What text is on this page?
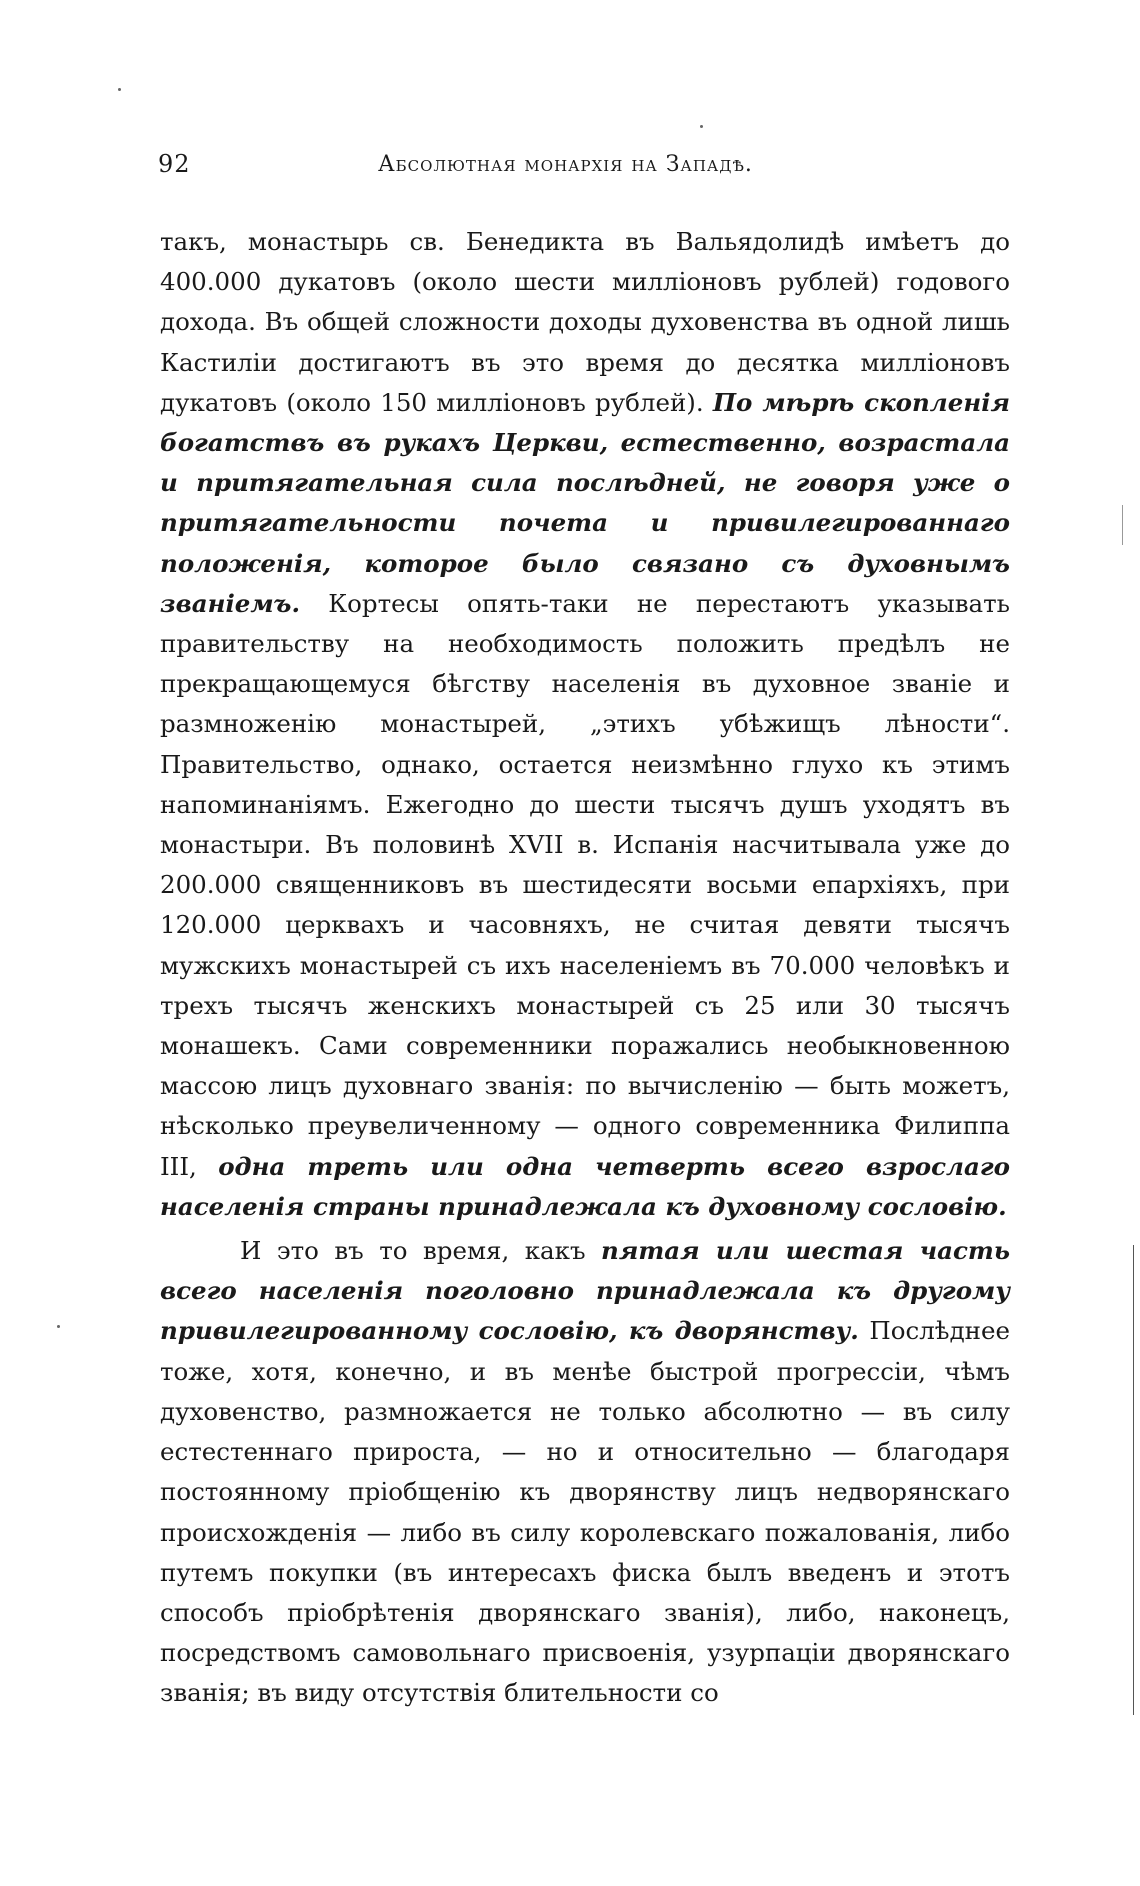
92	Абсолютная монархія на Западѣ.

такъ, монастырь св. Бенедикта въ Вальядолидѣ имѣетъ до 400.000 дукатовъ (около шести милліоновъ рублей) годового дохода. Въ общей сложности доходы духовенства въ одной лишь Кастиліи достигаютъ въ это время до десятка милліоновъ дукатовъ (около 150 милліоновъ рублей). По мѣрѣ скопленія богатствъ въ рукахъ Церкви, естественно, возрастала и притягательная сила послѣдней, не говоря уже о притягательности почета и привилегированнаго положенія, которое было связано съ духовнымъ званіемъ. Кортесы опять-таки не перестаютъ указывать правительству на необходимость положить предѣлъ не прекращающемуся бѣгству населенія въ духовное званіе и размноженію монастырей, „этихъ убѣжищъ лѣности“. Правительство, однако, остается неизмѣнно глухо къ этимъ напоминаніямъ. Ежегодно до шести тысячъ душъ уходятъ въ монастыри. Въ половинѣ XVII в. Испанія насчитывала уже до 200.000 священниковъ въ шестидесяти восьми епархіяхъ, при 120.000 церквахъ и часовняхъ, не считая девяти тысячъ мужскихъ монастырей съ ихъ населеніемъ въ 70.000 человѣкъ и трехъ тысячъ женскихъ монастырей съ 25 или 30 тысячъ монашекъ. Сами современники поражались необыкновенною массою лицъ духовнаго званія: по вычисленію — быть можетъ, нѣсколько преувеличенному — одного современника Филиппа III, одна треть или одна четверть всего взрослаго населенія страны принадлежала къ духовному сословію.

И это въ то время, какъ пятая или шестая часть всего населенія поголовно принадлежала къ другому привилегированному сословію, къ дворянству. Послѣднее тоже, хотя, конечно, и въ менѣе быстрой прогрессіи, чѣмъ духовенство, размножается не только абсолютно — въ силу естестеннаго прироста, — но и относительно — благодаря постоянному пріобщенію къ дворянству лицъ недворянскаго происхожденія — либо въ силу королевскаго пожалованія, либо путемъ покупки (въ интересахъ фиска былъ введенъ и этотъ способъ пріобрѣтенія дворянскаго званія), либо, наконецъ, посредствомъ самовольнаго присвоенія, узурпаціи дворянскаго званія; въ виду отсутствія блительности со
